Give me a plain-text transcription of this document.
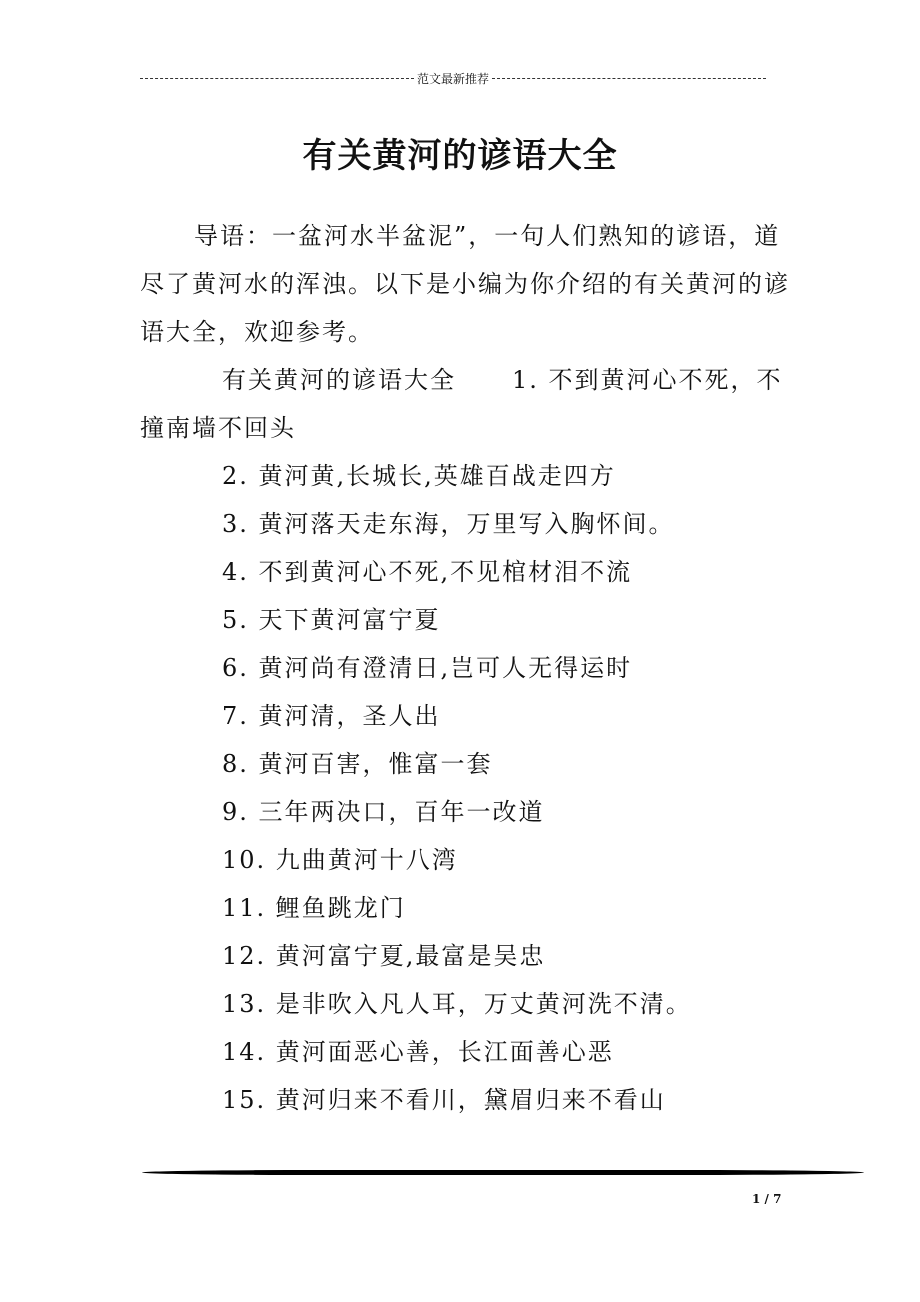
范文最新推荐
有关黄河的谚语大全

导语：一盆河水半盆泥”，一句人们熟知的谚语，道尽了黄河水的浑浊。以下是小编为你介绍的有关黄河的谚语大全，欢迎参考。

有关黄河的谚语大全 1. 不到黄河心不死，不撞南墙不回头

2. 黄河黄,长城长,英雄百战走四方
3. 黄河落天走东海，万里写入胸怀间。
4. 不到黄河心不死,不见棺材泪不流
5. 天下黄河富宁夏
6. 黄河尚有澄清日,岂可人无得运时
7. 黄河清，圣人出
8. 黄河百害，惟富一套
9. 三年两决口，百年一改道
10. 九曲黄河十八湾
11. 鲤鱼跳龙门
12. 黄河富宁夏,最富是吴忠
13. 是非吹入凡人耳，万丈黄河洗不清。
14. 黄河面恶心善，长江面善心恶
15. 黄河归来不看川，黛眉归来不看山
1 / 7
